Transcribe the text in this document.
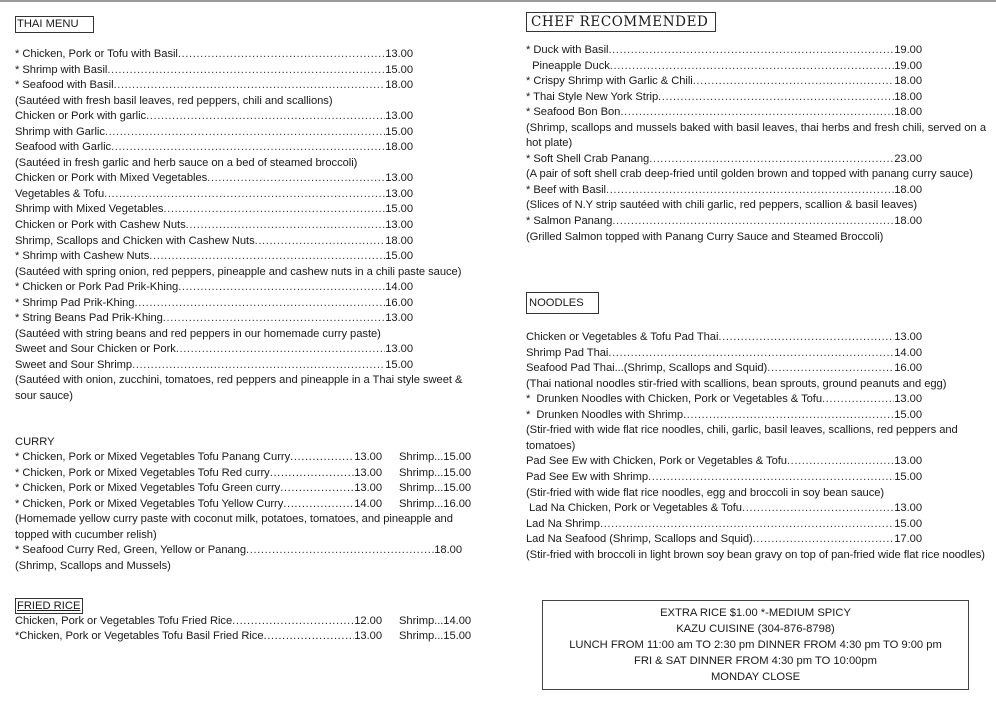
THAI MENU
* Chicken, Pork or Tofu with Basil .....	13.00
* Shrimp with Basil .....	15.00
* Seafood with Basil .....	18.00
(Sautéed with fresh basil leaves, red peppers, chili and scallions)
Chicken or Pork with garlic .....	13.00
Shrimp with Garlic .....	15.00
Seafood with Garlic .....	18.00
(Sautéed in fresh garlic and herb sauce on a bed of steamed broccoli)
Chicken or Pork with Mixed Vegetables .....	13.00
Vegetables & Tofu .....	13.00
Shrimp with Mixed Vegetables .....	15.00
Chicken or Pork with Cashew Nuts .....	13.00
Shrimp, Scallops and Chicken with Cashew Nuts .....	18.00
* Shrimp with Cashew Nuts .....	15.00
(Sautéed with spring onion, red peppers, pineapple and cashew nuts in a chili paste sauce)
* Chicken or Pork Pad Prik-Khing .....	14.00
* Shrimp Pad Prik-Khing .....	16.00
* String Beans Pad Prik-Khing .....	13.00
(Sautéed with string beans and red peppers in our homemade curry paste)
Sweet and Sour Chicken or Pork .....	13.00
Sweet and Sour Shrimp .....	15.00
(Sautéed with onion, zucchini, tomatoes, red peppers and pineapple in a Thai style sweet & sour sauce)
CURRY
* Chicken, Pork or Mixed Vegetables Tofu Panang Curry .....	13.00 Shrimp...15.00
* Chicken, Pork or Mixed Vegetables Tofu Red curry .....	13.00 Shrimp...15.00
* Chicken, Pork or Mixed Vegetables Tofu Green curry .....	13.00 Shrimp...15.00
* Chicken, Pork or Mixed Vegetables Tofu Yellow Curry .....	14.00 Shrimp...16.00
(Homemade yellow curry paste with coconut milk, potatoes, tomatoes, and pineapple and topped with cucumber relish)
* Seafood Curry Red, Green, Yellow or Panang .....	18.00
(Shrimp, Scallops and Mussels)
FRIED RICE
Chicken, Pork or Vegetables Tofu Fried Rice .....	12.00 Shrimp...14.00
*Chicken, Pork or Vegetables Tofu Basil Fried Rice .....	13.00 Shrimp...15.00
CHEF RECOMMENDED
* Duck with Basil .....	19.00
Pineapple Duck .....	19.00
* Crispy Shrimp with Garlic & Chili .....	18.00
* Thai Style New York Strip .....	18.00
* Seafood Bon Bon .....	18.00
(Shrimp, scallops and mussels baked with basil leaves, thai herbs and fresh chili, served on a hot plate)
* Soft Shell Crab Panang .....	23.00
(A pair of soft shell crab deep-fried until golden brown and topped with panang curry sauce)
* Beef with Basil .....	18.00
(Slices of N.Y strip sautéed with chili garlic, red peppers, scallion & basil leaves)
* Salmon Panang .....	18.00
(Grilled Salmon topped with Panang Curry Sauce and Steamed Broccoli)
NOODLES
Chicken or Vegetables & Tofu Pad Thai .....	13.00
Shrimp Pad Thai .....	14.00
Seafood Pad Thai...(Shrimp, Scallops and Squid) .....	16.00
(Thai national noodles stir-fried with scallions, bean sprouts, ground peanuts and egg)
*  Drunken Noodles with Chicken, Pork or Vegetables & Tofu .....	13.00
*  Drunken Noodles with Shrimp .....	15.00
(Stir-fried with wide flat rice noodles, chili, garlic, basil leaves, scallions, red peppers and tomatoes)
Pad See Ew with Chicken, Pork or Vegetables & Tofu .....	13.00
Pad See Ew with Shrimp .....	15.00
(Stir-fried with wide flat rice noodles, egg and broccoli in soy bean sauce)
Lad Na Chicken, Pork or Vegetables & Tofu .....	13.00
Lad Na Shrimp .....	15.00
Lad Na Seafood (Shrimp, Scallops and Squid) .....	17.00
(Stir-fried with broccoli in light brown soy bean gravy on top of pan-fried wide flat rice noodles)
EXTRA RICE $1.00 *-MEDIUM SPICY
KAZU CUISINE (304-876-8798)
LUNCH FROM 11:00 am TO 2:30 pm DINNER FROM 4:30 pm TO 9:00 pm
FRI & SAT DINNER FROM 4:30 pm TO 10:00pm
MONDAY CLOSE
